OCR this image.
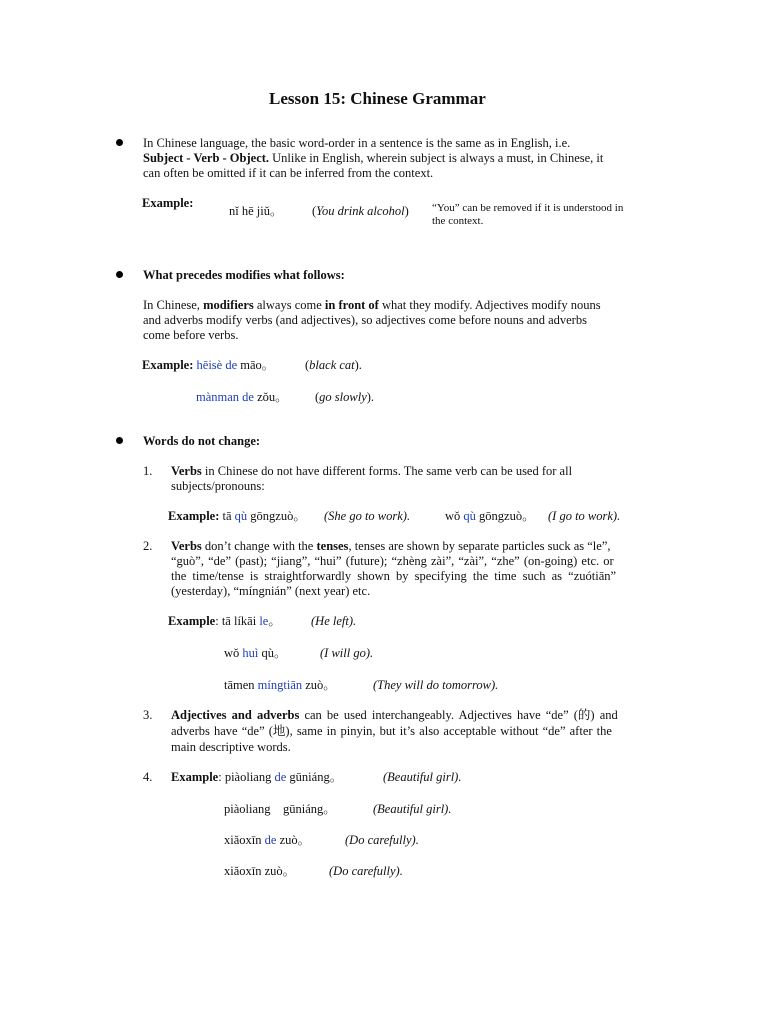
Lesson 15: Chinese Grammar
In Chinese language, the basic word-order in a sentence is the same as in English, i.e.
Subject - Verb - Object. Unlike in English, wherein subject is always a must, in Chinese, it
can often be omitted if it can be inferred from the context.
Example:
nǐ hē jiǔ。 (You drink alcohol) “You” can be removed if it is understood in
the context.
What precedes modifies what follows:
In Chinese, modifiers always come in front of what they modify. Adjectives modify nouns
and adverbs modify verbs (and adjectives), so adjectives come before nouns and adverbs
come before verbs.
Example: hēisè de māo。 (black cat).
mànman de zǒu。 (go slowly).
Words do not change:
1. Verbs in Chinese do not have different forms. The same verb can be used for all
subjects/pronouns:
Example: tā qù gōngzuò。 (She go to work).	wǒ qù gōngzuò。 (I go to work).
2. Verbs don’t change with the tenses, tenses are shown by separate particles suck as “le”,
“guò”, “de” (past); “jiang”, “hui” (future); “zhèng zài”, “zài”, “zhe” (on-going) etc. or
the time/tense is straightforwardly shown by specifying the time such as “zuótiān”
(yesterday), “míngnián” (next year) etc.
Example: tā líkāi le。 (He left).
wǒ huì qù。	(I will go).
tāmen míngtiān zuò。	(They will do tomorrow).
3. Adjectives and adverbs can be used interchangeably. Adjectives have “de” (的) and
adverbs have “de” (地), same in pinyin, but it’s also acceptable without “de” after the
main descriptive words.
4. Example: piàoliang de gūniáng。	(Beautiful girl).
piàoliang    gūniáng。	(Beautiful girl).
xiǎoxīn de zuò。	(Do carefully).
xiǎoxīn zuò。	(Do carefully).
